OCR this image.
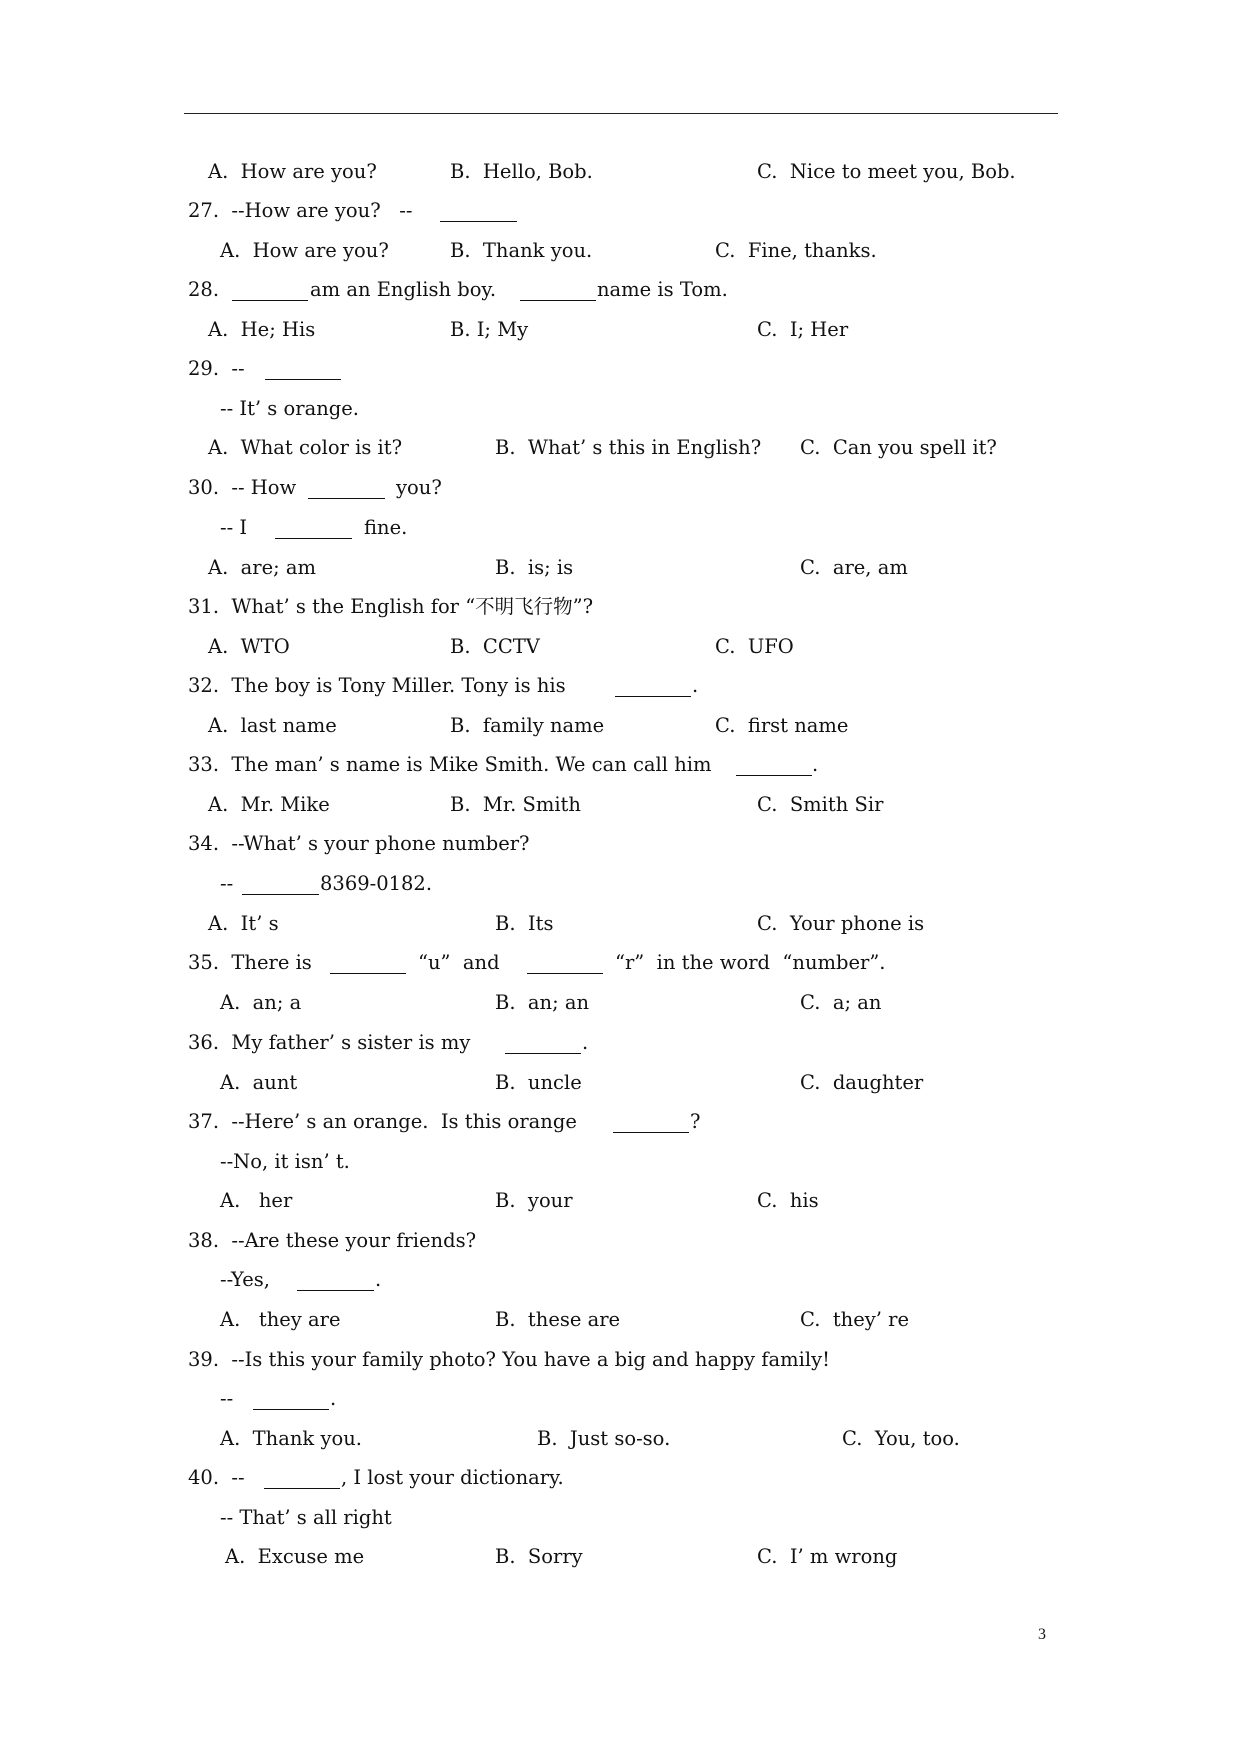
A.  How are you?

	B.  Hello, Bob.

	C.  Nice to meet you, Bob.

27.  --How are you?   --

A.  How are you?

	B.  Thank you.

	C.  Fine, thanks.

28.

	am an English boy.

	name is Tom.

A.  He; His

	B. I; My

	C.  I; Her

29.  --

-- It’ s orange.

A.  What color is it?

	B.  What’ s this in English?

C.  Can you spell it?

30.  -- How

	you?

-- I

	fine.

A.  are; am

	B.  is; is

	C.  are, am

31.  What’ s the English for “不明飞行物”?

A.  WTO

	B.  CCTV

	C.  UFO

32.  The boy is Tony Miller. Tony is his

	.

A.  last name

	B.  family name

	C.  first name

33.  The man’ s name is Mike Smith. We can call him

	.

A.  Mr. Mike

	B.  Mr. Smith

	C.  Smith Sir

34.  --What’ s your phone number?

--

	8369-0182.

A.  It’ s

	B.  Its

	C.  Your phone is

35.  There is

	“u”  and

	“r”  in the word  “number”.

A.  an; a

	B.  an; an

	C.  a; an

36.  My father’ s sister is my

	.

A.  aunt

	B.  uncle

	C.  daughter

37.  --Here’ s an orange.  Is this orange

	?

--No, it isn’ t.

A.   her

	B.  your

	C.  his

38.  --Are these your friends?

--Yes,

	.

A.   they are

	B.  these are

	C.  they’ re

39.  --Is this your family photo? You have a big and happy family!

--

	.

A.  Thank you.

	B.  Just so-so.

	C.  You, too.

40.  --

	, I lost your dictionary.

-- That’ s all right

A.  Excuse me

	B.  Sorry

	C.  I’ m wrong

3
